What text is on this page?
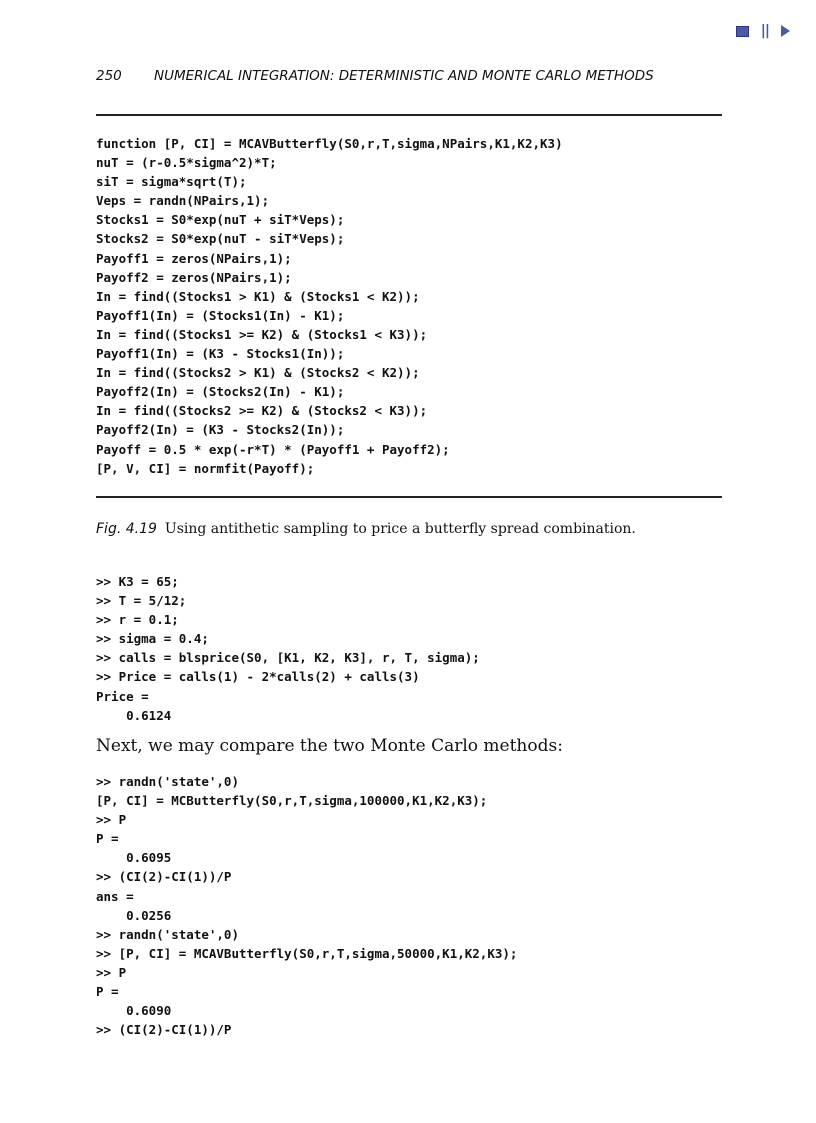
||
250 NUMERICAL INTEGRATION: DETERMINISTIC AND MONTE CARLO METHODS
function [P, CI] = MCAVButterfly(S0,r,T,sigma,NPairs,K1,K2,K3)
nuT = (r-0.5*sigma^2)*T;
siT = sigma*sqrt(T);
Veps = randn(NPairs,1);
Stocks1 = S0*exp(nuT + siT*Veps);
Stocks2 = S0*exp(nuT - siT*Veps);
Payoff1 = zeros(NPairs,1);
Payoff2 = zeros(NPairs,1);
In = find((Stocks1 > K1) & (Stocks1 < K2));
Payoff1(In) = (Stocks1(In) - K1);
In = find((Stocks1 >= K2) & (Stocks1 < K3));
Payoff1(In) = (K3 - Stocks1(In));
In = find((Stocks2 > K1) & (Stocks2 < K2));
Payoff2(In) = (Stocks2(In) - K1);
In = find((Stocks2 >= K2) & (Stocks2 < K3));
Payoff2(In) = (K3 - Stocks2(In));
Payoff = 0.5 * exp(-r*T) * (Payoff1 + Payoff2);
[P, V, CI] = normfit(Payoff);
Fig. 4.19 Using antithetic sampling to price a butterfly spread combination.
>> K3 = 65;
>> T = 5/12;
>> r = 0.1;
>> sigma = 0.4;
>> calls = blsprice(S0, [K1, K2, K3], r, T, sigma);
>> Price = calls(1) - 2*calls(2) + calls(3)
Price =
0.6124
Next, we may compare the two Monte Carlo methods:
>> randn('state',0)
[P, CI] = MCButterfly(S0,r,T,sigma,100000,K1,K2,K3);
>> P
P =
0.6095
>> (CI(2)-CI(1))/P
ans =
0.0256
>> randn('state',0)
>> [P, CI] = MCAVButterfly(S0,r,T,sigma,50000,K1,K2,K3);
>> P
P =
0.6090
>> (CI(2)-CI(1))/P
